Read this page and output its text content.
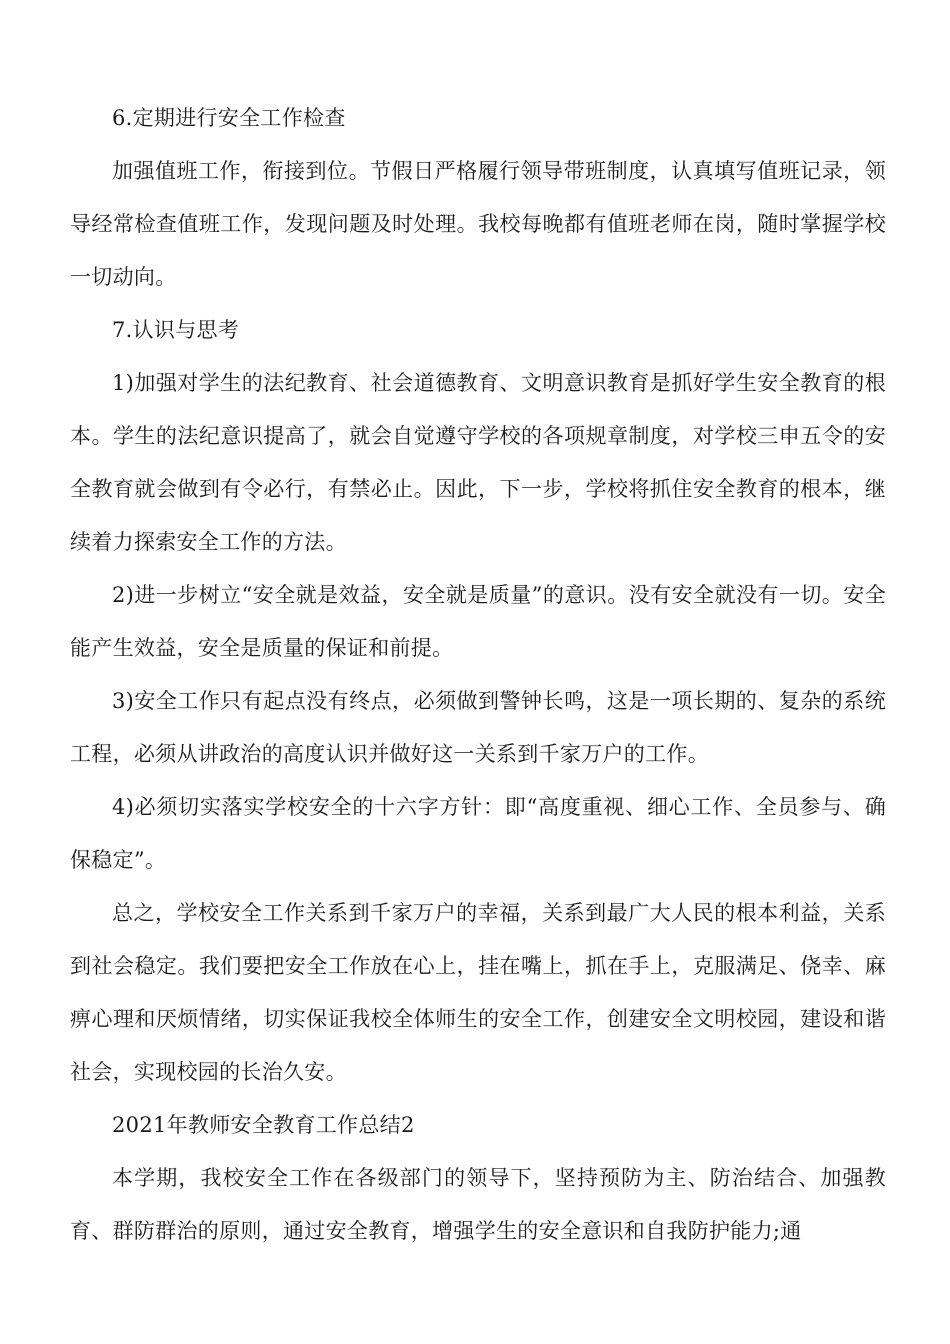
6.定期进行安全工作检查

加强值班工作，衔接到位。节假日严格履行领导带班制度，认真填写值班记录，领导经常检查值班工作，发现问题及时处理。我校每晚都有值班老师在岗，随时掌握学校一切动向。

7.认识与思考

1)加强对学生的法纪教育、社会道德教育、文明意识教育是抓好学生安全教育的根本。学生的法纪意识提高了，就会自觉遵守学校的各项规章制度，对学校三申五令的安全教育就会做到有令必行，有禁必止。因此，下一步，学校将抓住安全教育的根本，继续着力探索安全工作的方法。

2)进一步树立“安全就是效益，安全就是质量”的意识。没有安全就没有一切。安全能产生效益，安全是质量的保证和前提。

3)安全工作只有起点没有终点，必须做到警钟长鸣，这是一项长期的、复杂的系统工程，必须从讲政治的高度认识并做好这一关系到千家万户的工作。

4)必须切实落实学校安全的十六字方针：即“高度重视、细心工作、全员参与、确保稳定”。

总之，学校安全工作关系到千家万户的幸福，关系到最广大人民的根本利益，关系到社会稳定。我们要把安全工作放在心上，挂在嘴上，抓在手上，克服满足、侥幸、麻痹心理和厌烦情绪，切实保证我校全体师生的安全工作，创建安全文明校园，建设和谐社会，实现校园的长治久安。

2021年教师安全教育工作总结2

本学期，我校安全工作在各级部门的领导下，坚持预防为主、防治结合、加强教育、群防群治的原则，通过安全教育，增强学生的安全意识和自我防护能力;通
